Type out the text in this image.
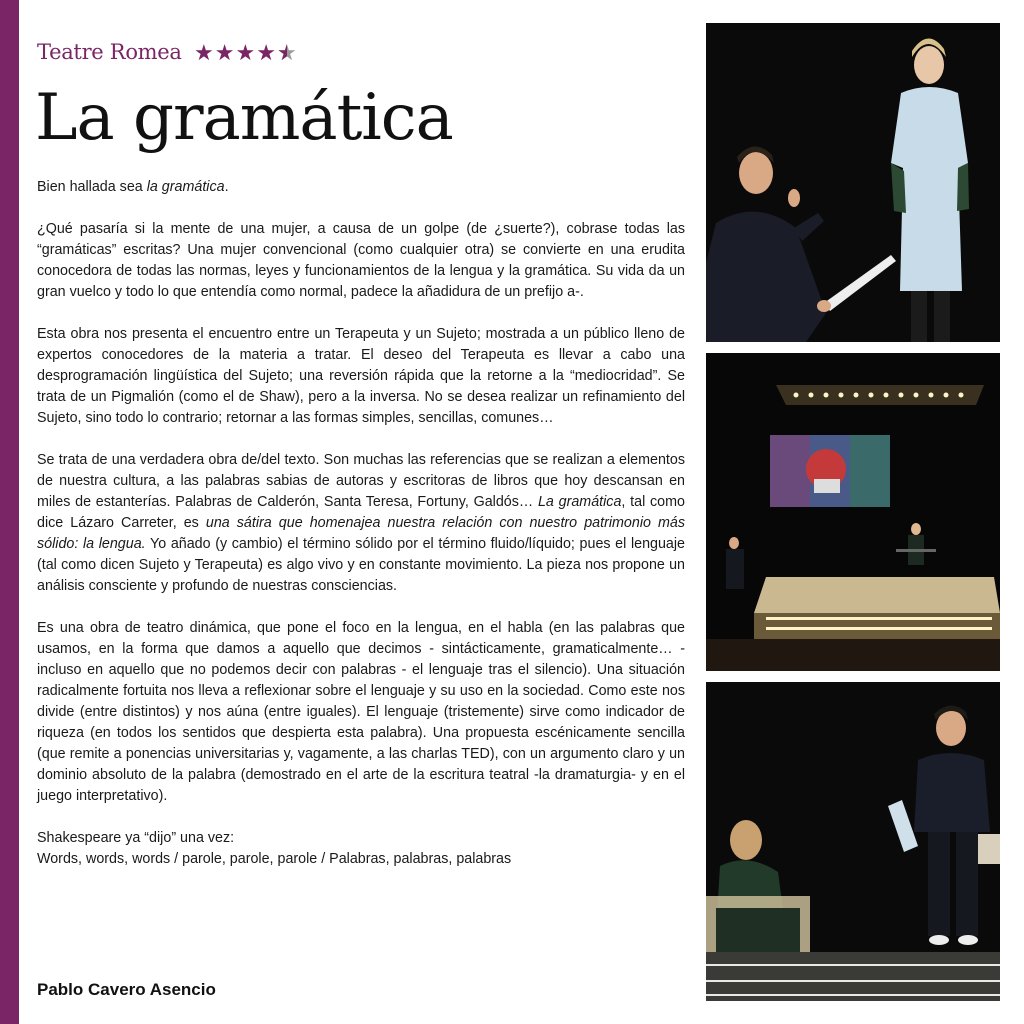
Teatre Romea ★★★★★ ★
La gramática

Bien hallada sea la gramática.

¿Qué pasaría si la mente de una mujer, a causa de un golpe (de ¿suerte?), cobrase todas las “gramáticas” escritas? Una mujer convencional (como cualquier otra) se convierte en una erudita conocedora de todas las normas, leyes y funcionamientos de la lengua y la gramática. Su vida da un gran vuelco y todo lo que entendía como normal, padece la añadidura de un prefijo a-.

Esta obra nos presenta el encuentro entre un Terapeuta y un Sujeto; mostrada a un público lleno de expertos conocedores de la materia a tratar. El deseo del Terapeuta es llevar a cabo una desprogramación lingüística del Sujeto; una reversión rápida que la retorne a la “mediocridad”. Se trata de un Pigmalión (como el de Shaw), pero a la inversa. No se desea realizar un refinamiento del Sujeto, sino todo lo contrario; retornar a las formas simples, sencillas, comunes…

Se trata de una verdadera obra de/del texto. Son muchas las referencias que se realizan a elementos de nuestra cultura, a las palabras sabias de autoras y escritoras de libros que hoy descansan en miles de estanterías. Palabras de Calderón, Santa Teresa, Fortuny, Galdós… La gramática, tal como dice Lázaro Carreter, es una sátira que homenajea nuestra relación con nuestro patrimonio más sólido: la lengua. Yo añado (y cambio) el término sólido por el término fluido/líquido; pues el lenguaje (tal como dicen Sujeto y Terapeuta) es algo vivo y en constante movimiento. La pieza nos propone un análisis consciente y profundo de nuestras consciencias.

Es una obra de teatro dinámica, que pone el foco en la lengua, en el habla (en las palabras que usamos, en la forma que damos a aquello que decimos - sintácticamente, gramaticalmente… - incluso en aquello que no podemos decir con palabras - el lenguaje tras el silencio). Una situación radicalmente fortuita nos lleva a reflexionar sobre el lenguaje y su uso en la sociedad. Como este nos divide (entre distintos) y nos aúna (entre iguales). El lenguaje (tristemente) sirve como indicador de riqueza (en todos los sentidos que despierta esta palabra). Una propuesta escénicamente sencilla (que remite a ponencias universitarias y, vagamente, a las charlas TED), con un argumento claro y un dominio absoluto de la palabra (demostrado en el arte de la escritura teatral -la dramaturgia- y en el juego interpretativo).

Shakespeare ya “dijo” una vez:
Words, words, words / parole, parole, parole / Palabras, palabras, palabras

Pablo Cavero Asencio
